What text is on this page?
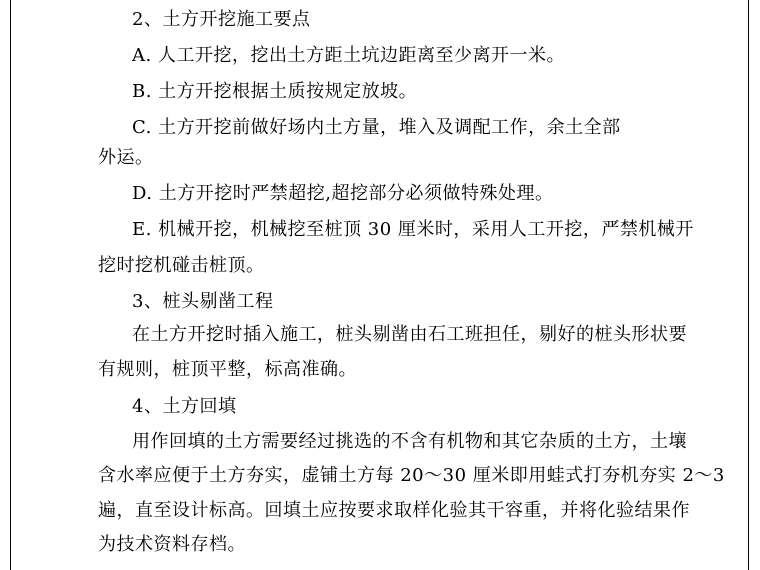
2、土方开挖施工要点
A. 人工开挖，挖出土方距土坑边距离至少离开一米。
B. 土方开挖根据土质按规定放坡。
C. 土方开挖前做好场内土方量，堆入及调配工作，余土全部
外运。
D. 土方开挖时严禁超挖,超挖部分必须做特殊处理。
E. 机械开挖，机械挖至桩顶 30 厘米时，采用人工开挖，严禁机械开
挖时挖机碰击桩顶。
3、桩头剔凿工程
在土方开挖时插入施工，桩头剔凿由石工班担任，剔好的桩头形状要
有规则，桩顶平整，标高准确。
4、土方回填
用作回填的土方需要经过挑选的不含有机物和其它杂质的土方，土壤
含水率应便于土方夯实，虚铺土方每 20～30 厘米即用蛙式打夯机夯实 2～3
遍，直至设计标高。回填土应按要求取样化验其干容重，并将化验结果作
为技术资料存档。
